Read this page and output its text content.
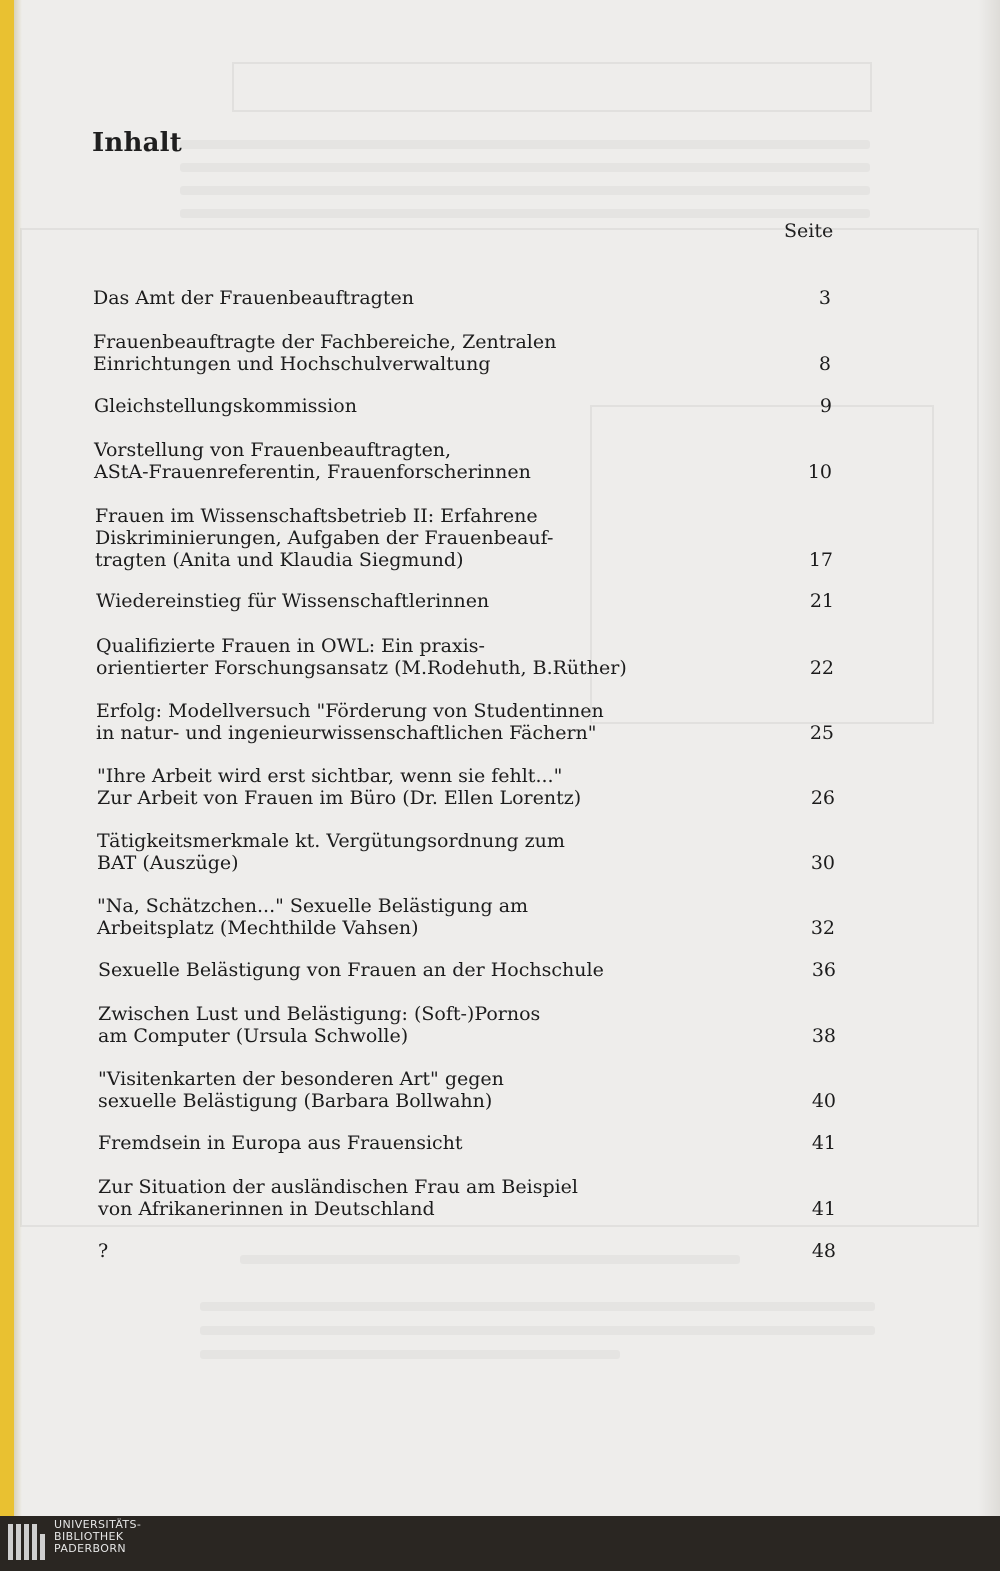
Inhalt
Seite
Das Amt der Frauenbeauftragten	3
Frauenbeauftragte der Fachbereiche, Zentralen
Einrichtungen und Hochschulverwaltung	8
Gleichstellungskommission	9
Vorstellung von Frauenbeauftragten,
AStA-Frauenreferentin, Frauenforscherinnen	10
Frauen im Wissenschaftsbetrieb II: Erfahrene
Diskriminierungen, Aufgaben der Frauenbeauf-
tragten (Anita und Klaudia Siegmund)	17
Wiedereinstieg für Wissenschaftlerinnen	21
Qualifizierte Frauen in OWL: Ein praxis-
orientierter Forschungsansatz (M.Rodehuth, B.Rüther)	22
Erfolg: Modellversuch "Förderung von Studentinnen
in natur- und ingenieurwissenschaftlichen Fächern"	25
"Ihre Arbeit wird erst sichtbar, wenn sie fehlt..."
Zur Arbeit von Frauen im Büro (Dr. Ellen Lorentz)	26
Tätigkeitsmerkmale kt. Vergütungsordnung zum
BAT (Auszüge)	30
"Na, Schätzchen..." Sexuelle Belästigung am
Arbeitsplatz (Mechthilde Vahsen)	32
Sexuelle Belästigung von Frauen an der Hochschule	36
Zwischen Lust und Belästigung: (Soft-)Pornos
am Computer (Ursula Schwolle)	38
"Visitenkarten der besonderen Art" gegen
sexuelle Belästigung (Barbara Bollwahn)	40
Fremdsein in Europa aus Frauensicht	41
Zur Situation der ausländischen Frau am Beispiel
von Afrikanerinnen in Deutschland	41
?	48
UNIVERSITÄTS-
BIBLIOTHEK
PADERBORN
